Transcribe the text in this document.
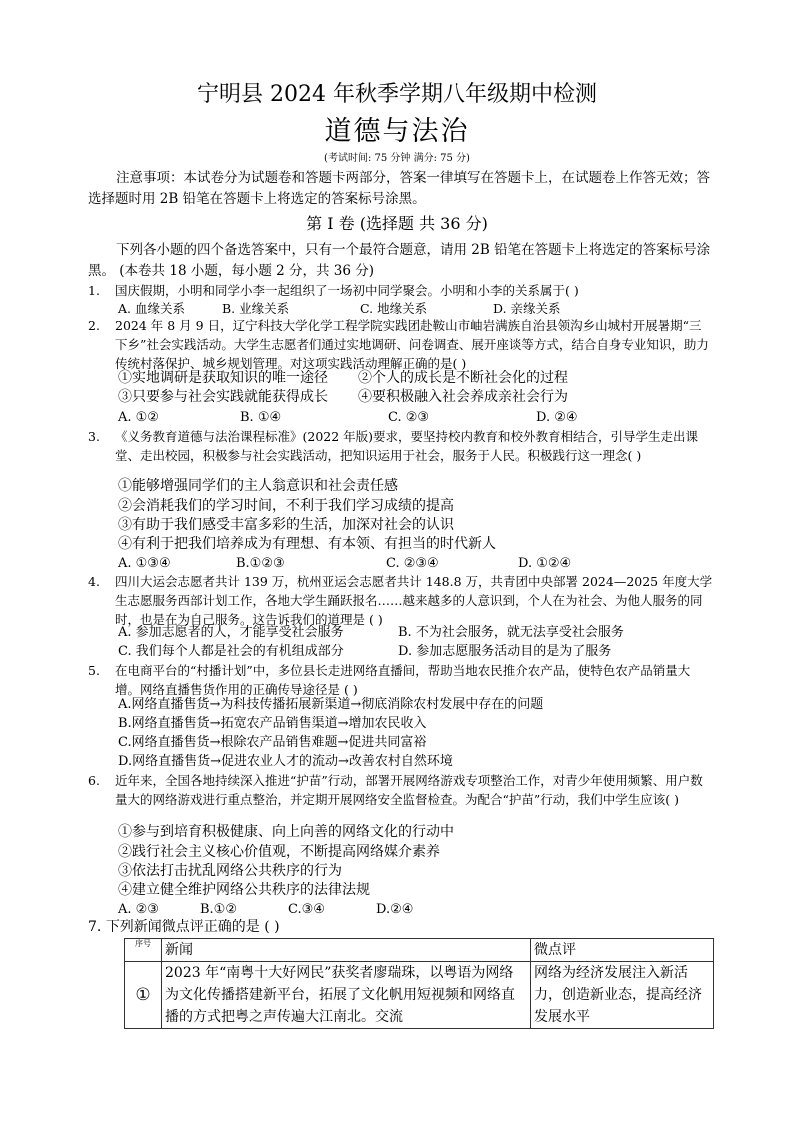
宁明县 2024 年秋季学期八年级期中检测
道德与法治
(考试时间: 75 分钟 满分: 75 分)
注意事项：本试卷分为试题卷和答题卡两部分，答案一律填写在答题卡上，在试题卷上作答无效；答选择题时用 2B 铅笔在答题卡上将选定的答案标号涂黑。
第 I 卷 (选择题 共 36 分)
下列各小题的四个备选答案中，只有一个最符合题意，请用 2B 铅笔在答题卡上将选定的答案标号涂黑。 (本卷共 18 小题，每小题 2 分，共 36 分)
1. 国庆假期，小明和同学小李一起组织了一场初中同学聚会。小明和小李的关系属于( )
A. 血缘关系	B. 业缘关系	C. 地缘关系	D. 亲缘关系
2. 2024 年 8 月 9 日，辽宁科技大学化学工程学院实践团赴鞍山市岫岩满族自治县领沟乡山城村开展暑期“三下乡”社会实践活动。大学生志愿者们通过实地调研、问卷调查、展开座谈等方式，结合自身专业知识，助力传统村落保护、城乡规划管理。对这项实践活动理解正确的是( )
①实地调研是获取知识的唯一途径 ②个人的成长是不断社会化的过程
③只要参与社会实践就能获得成长 ④要积极融入社会养成亲社会行为
A. ①②	B. ①④	C. ②③	D. ②④
3. 《义务教育道德与法治课程标准》(2022 年版)要求，要坚持校内教育和校外教育相结合，引导学生走出课堂、走出校园，积极参与社会实践活动，把知识运用于社会，服务于人民。积极践行这一理念( )
①能够增强同学们的主人翁意识和社会责任感
②会消耗我们的学习时间，不利于我们学习成绩的提高
③有助于我们感受丰富多彩的生活，加深对社会的认识
④有利于把我们培养成为有理想、有本领、有担当的时代新人
A. ①③④	B.①②③	C. ②③④	D. ①②④
4. 四川大运会志愿者共计 139 万，杭州亚运会志愿者共计 148.8 万，共青团中央部署 2024—2025 年度大学生志愿服务西部计划工作，各地大学生踊跃报名……越来越多的人意识到，个人在为社会、为他人服务的同时，也是在为自己服务。这告诉我们的道理是 ( )
A. 参加志愿者的人，才能享受社会服务	B. 不为社会服务，就无法享受社会服务
C. 我们每个人都是社会的有机组成部分	D. 参加志愿服务活动目的是为了服务
5. 在电商平台的“村播计划”中，多位县长走进网络直播间，帮助当地农民推介农产品，使特色农产品销量大增。网络直播售货作用的正确传导途径是 ( )
A.网络直播售货→为科技传播拓展新渠道→彻底消除农村发展中存在的问题
B.网络直播售货→拓宽农产品销售渠道→增加农民收入
C.网络直播售货→根除农产品销售难题→促进共同富裕
D.网络直播售货→促进农业人才的流动→改善农村自然环境
6. 近年来，全国各地持续深入推进“护苗”行动，部署开展网络游戏专项整治工作，对青少年使用频繁、用户数量大的网络游戏进行重点整治，并定期开展网络安全监督检查。为配合“护苗”行动，我们中学生应该( )
①参与到培育积极健康、向上向善的网络文化的行动中
②践行社会主义核心价值观，不断提高网络媒介素养
③依法打击扰乱网络公共秩序的行为
④建立健全维护网络公共秩序的法律法规
A. ②③	B.①②	C.③④	D.②④
7. 下列新闻微点评正确的是 ( )
序号	新闻	微点评
①	2023 年“南粤十大好网民”获奖者廖瑞珠，以粤语为网络为文化传播搭建新平台，拓展了文化帆用短视频和网络直播的方式把粤之声传遍大江南北。交流	网络为经济发展注入新活力，创造新业态，提高经济发展水平
